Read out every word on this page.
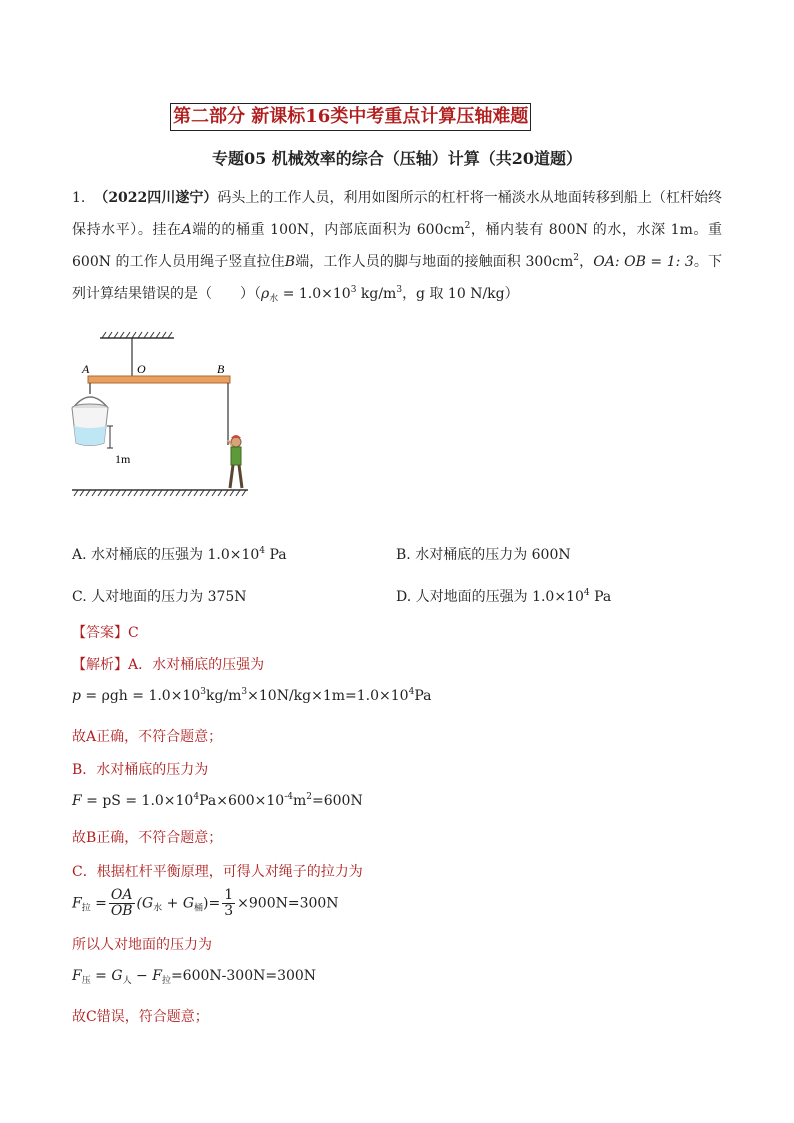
第二部分 新课标16类中考重点计算压轴难题
专题05 机械效率的综合（压轴）计算（共20道题）
1. （2022四川遂宁）码头上的工作人员，利用如图所示的杠杆将一桶淡水从地面转移到船上（杠杆始终保持水平）。挂在A端的的桶重 100N，内部底面积为 $600cm^2$，桶内装有 800N 的水，水深 1m。重 600N 的工作人员用绳子竖直拉住B端，工作人员的脚与地面的接触面积 $300cm^2$，OA: OB = 1: 3。下列计算结果错误的是（　　）（$\rho_水 = 1.0\times 10^3$ $kg/m^3$，g 取 10 N/kg）
A	O	B
1m
A. 水对桶底的压强为 $1.0\times 10^4$ Pa	B. 水对桶底的压力为 600N
C. 人对地面的压力为 375N	D. 人对地面的压强为 $1.0\times 10^4$ Pa
【答案】C
【解析】A．水对桶底的压强为
$p = \rho gh = 1.0\times 10^3kg/m^3\times 10N/kg\times 1m=1.0\times 10^4Pa$
故A正确，不符合题意；
B．水对桶底的压力为
F = pS = $1.0\times 10^4Pa\times 600\times 10^{-4}m^2=600N$
故B正确，不符合题意；
C．根据杠杆平衡原理，可得人对绳子的拉力为
$F_拉 = \frac{OA}{OB} (G_水 + G_桶)= \frac{1}{3} \times 900N=300N$
所以人对地面的压力为
$F_压 = G_人 - F_拉=600N-300N=300N$
故C错误，符合题意；
